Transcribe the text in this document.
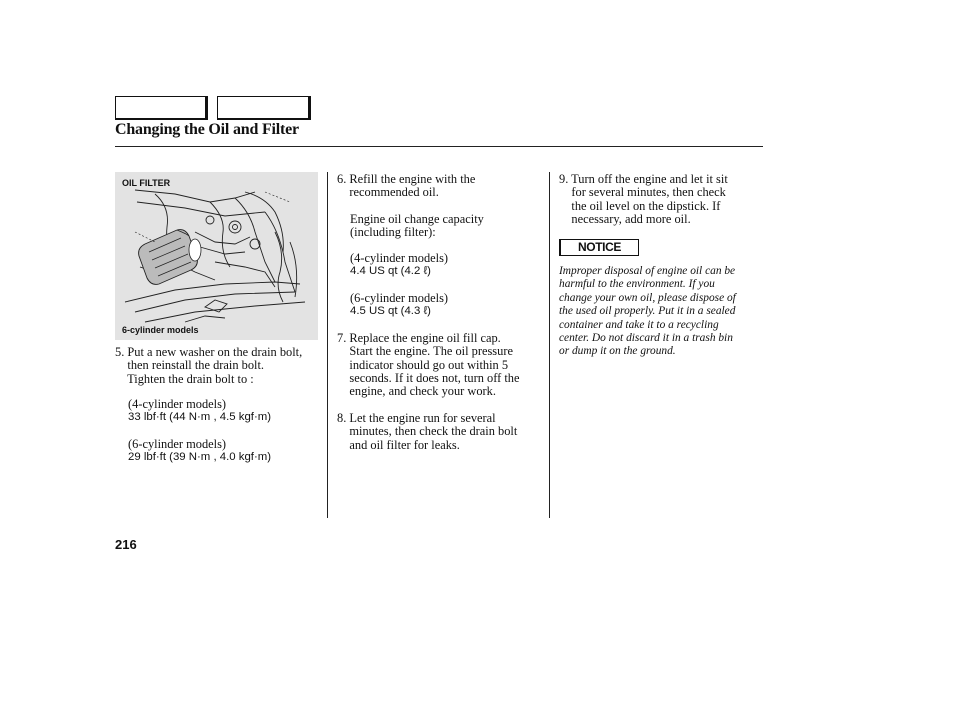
Changing the Oil and Filter
OIL FILTER
6-cylinder models
5. Put a new washer on the drain bolt,
then reinstall the drain bolt.
Tighten the drain bolt to :
(4-cylinder models)
33 lbf·ft (44 N·m , 4.5 kgf·m)
(6-cylinder models)
29 lbf·ft (39 N·m , 4.0 kgf·m)
6. Refill the engine with the
recommended oil.
Engine oil change capacity
(including filter):
(4-cylinder models)
4.4 US qt (4.2 ℓ)
(6-cylinder models)
4.5 US qt (4.3 ℓ)
7. Replace the engine oil fill cap.
Start the engine. The oil pressure
indicator should go out within 5
seconds. If it does not, turn off the
engine, and check your work.
8. Let the engine run for several
minutes, then check the drain bolt
and oil filter for leaks.
9. Turn off the engine and let it sit
for several minutes, then check
the oil level on the dipstick. If
necessary, add more oil.
NOTICE
Improper disposal of engine oil can be
harmful to the environment. If you
change your own oil, please dispose of
the used oil properly. Put it in a sealed
container and take it to a recycling
center. Do not discard it in a trash bin
or dump it on the ground.
216
